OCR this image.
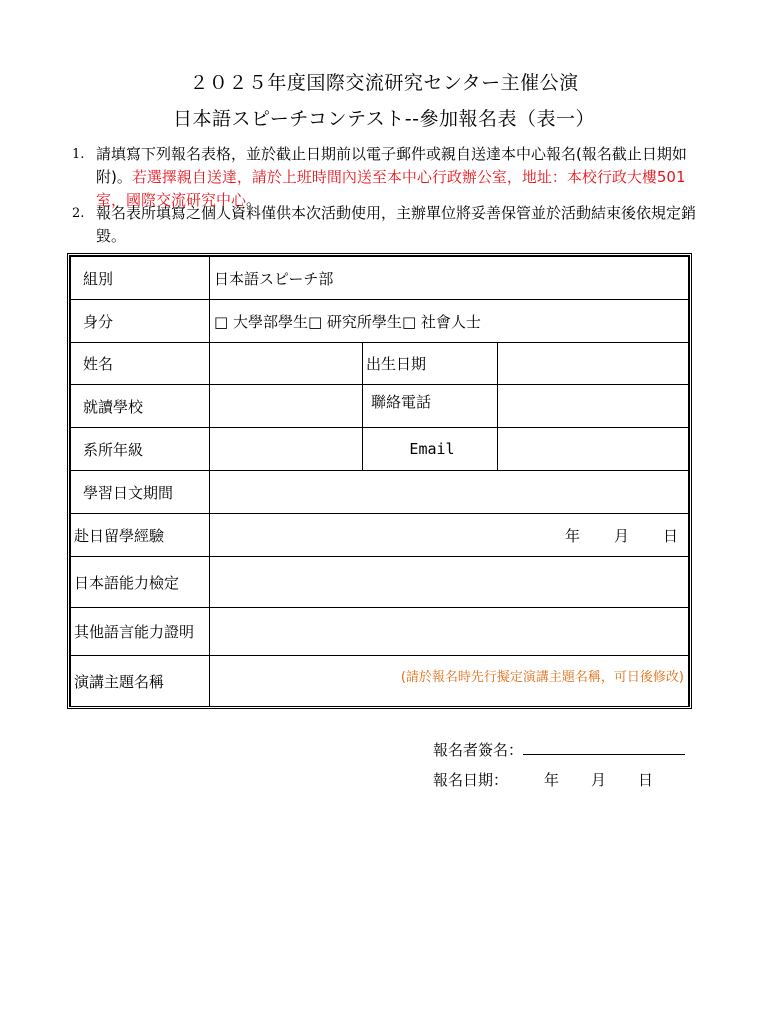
２０２５年度国際交流研究センター主催公演
日本語スピーチコンテスト--參加報名表（表一）
1. 請填寫下列報名表格，並於截止日期前以電子郵件或親自送達本中心報名(報名截止日期如附)。若選擇親自送達，請於上班時間內送至本中心行政辦公室，地址：本校行政大樓501室，國際交流研究中心。
2. 報名表所填寫之個人資料僅供本次活動使用，主辦單位將妥善保管並於活動結束後依規定銷毀。
組別	日本語スピーチ部		
身分	□ 大學部學生□ 研究所學生□ 社會人士		
姓名		出生日期	
就讀學校		聯絡電話	
系所年級		Email	
學習日文期間			
赴日留學經驗	年 月 日		
日本語能力檢定			
其他語言能力證明			
演講主題名稱	(請於報名時先行擬定演講主題名稱，可日後修改)		
報名者簽名：
報名日期： 年 月 日
